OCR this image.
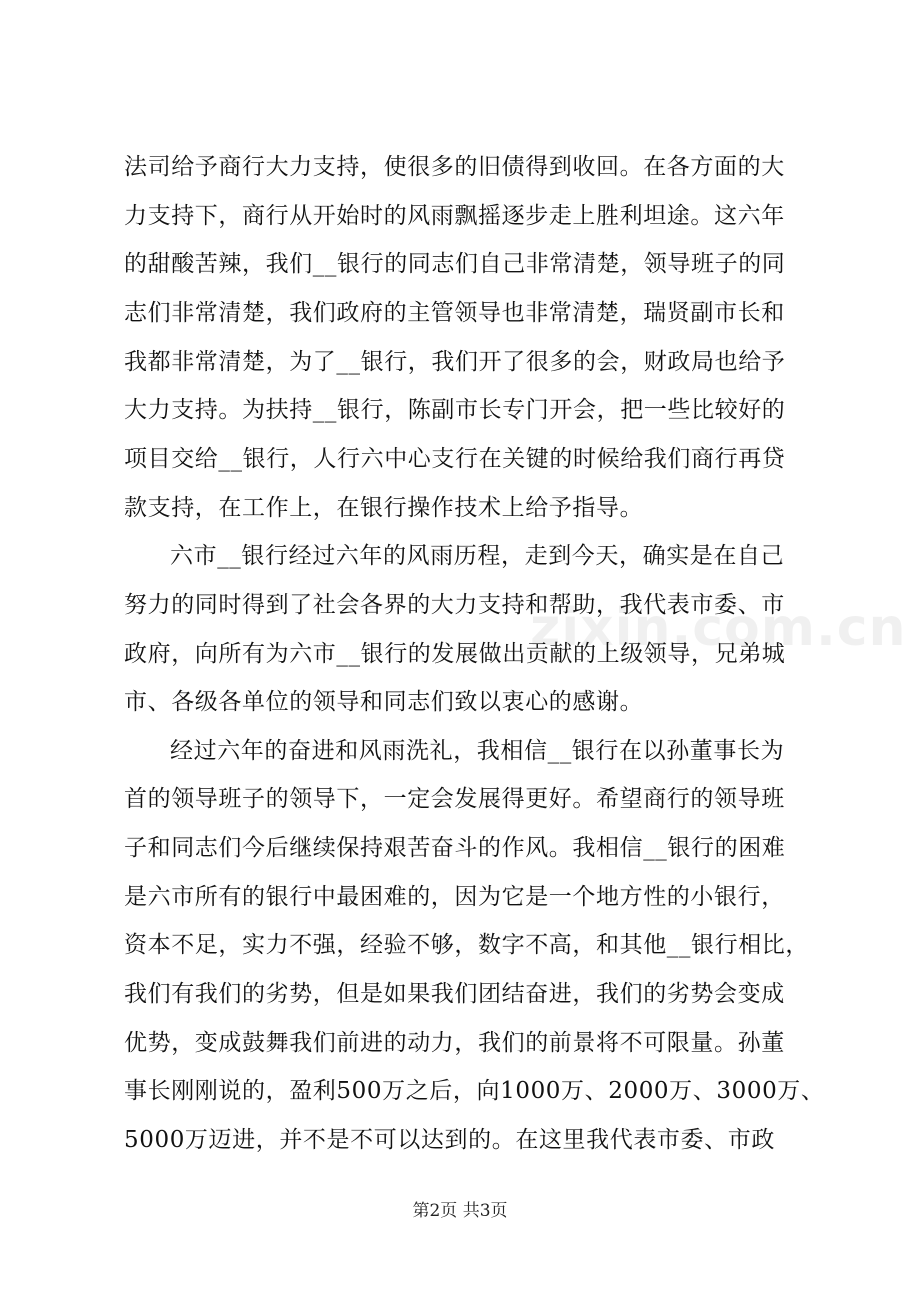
zixin.com.cn
法司给予商行大力支持，使很多的旧债得到收回。在各方面的大
力支持下，商行从开始时的风雨飘摇逐步走上胜利坦途。这六年
的甜酸苦辣，我们__银行的同志们自己非常清楚，领导班子的同
志们非常清楚，我们政府的主管领导也非常清楚，瑞贤副市长和
我都非常清楚，为了__银行，我们开了很多的会，财政局也给予
大力支持。为扶持__银行，陈副市长专门开会，把一些比较好的
项目交给__银行，人行六中心支行在关键的时候给我们商行再贷
款支持，在工作上，在银行操作技术上给予指导。
六市__银行经过六年的风雨历程，走到今天，确实是在自己
努力的同时得到了社会各界的大力支持和帮助，我代表市委、市
政府，向所有为六市__银行的发展做出贡献的上级领导，兄弟城
市、各级各单位的领导和同志们致以衷心的感谢。
经过六年的奋进和风雨洗礼，我相信__银行在以孙董事长为
首的领导班子的领导下，一定会发展得更好。希望商行的领导班
子和同志们今后继续保持艰苦奋斗的作风。我相信__银行的困难
是六市所有的银行中最困难的，因为它是一个地方性的小银行，
资本不足，实力不强，经验不够，数字不高，和其他__银行相比，
我们有我们的劣势，但是如果我们团结奋进，我们的劣势会变成
优势，变成鼓舞我们前进的动力，我们的前景将不可限量。孙董
事长刚刚说的，盈利500万之后，向1000万、2000万、3000万、
5000万迈进，并不是不可以达到的。在这里我代表市委、市政
第2页 共3页
